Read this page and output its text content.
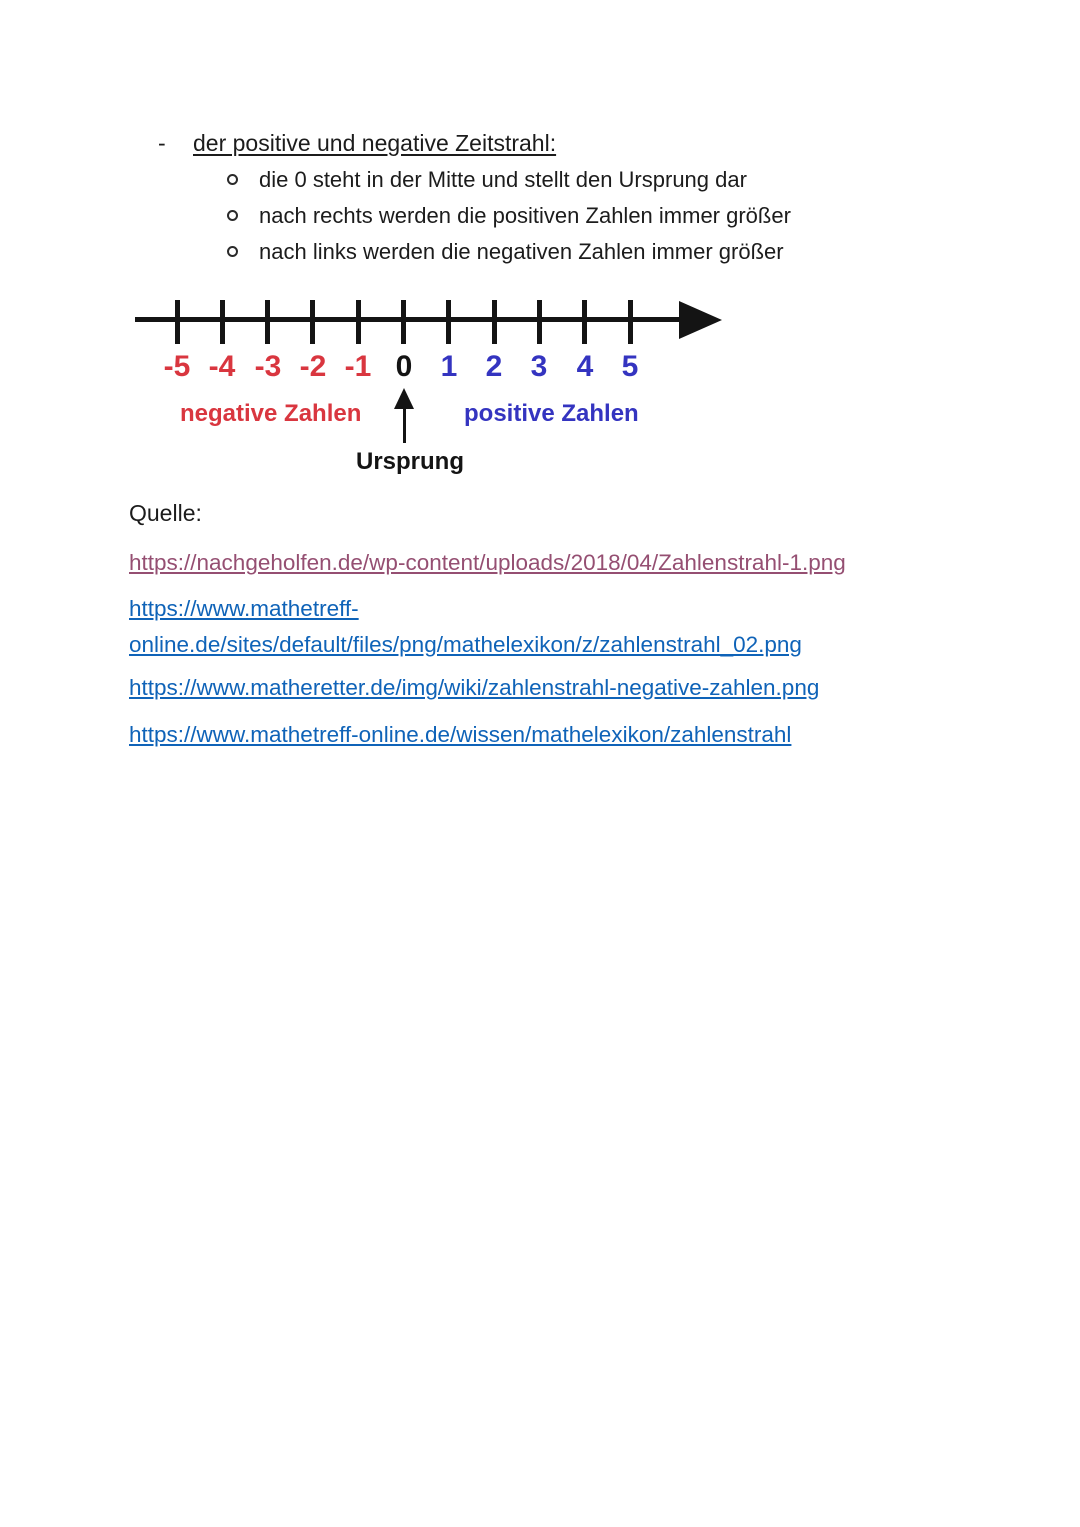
- der positive und negative Zeitstrahl:
die 0 steht in der Mitte und stellt den Ursprung dar
nach rechts werden die positiven Zahlen immer größer
nach links werden die negativen Zahlen immer größer
-5 -4 -3 -2 -1 0 1 2 3 4 5
negative Zahlen	positive Zahlen
Ursprung
Quelle:
https://nachgeholfen.de/wp-content/uploads/2018/04/Zahlenstrahl-1.png
https://www.mathetreff-
online.de/sites/default/files/png/mathelexikon/z/zahlenstrahl_02.png
https://www.matheretter.de/img/wiki/zahlenstrahl-negative-zahlen.png
https://www.mathetreff-online.de/wissen/mathelexikon/zahlenstrahl
